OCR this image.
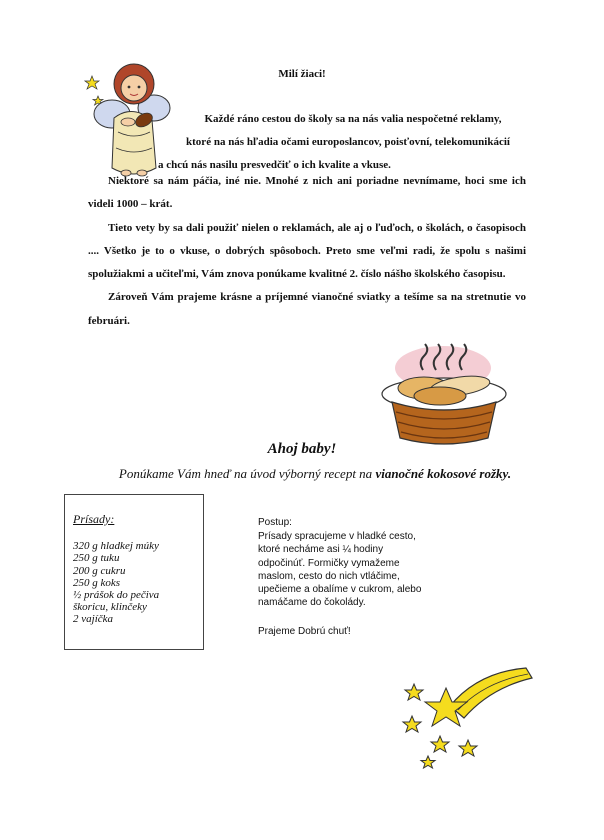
Milí žiaci!

Každé ráno cestou do školy sa na nás valia nespočetné reklamy,

ktoré na nás hľadia očami europoslancov, poisťovní, telekomunikácií

a chcú nás nasilu presvedčiť o ich kvalite a vkuse.

Niektoré sa nám páčia, iné nie. Mnohé z nich ani poriadne nevnímame, hoci sme ich videli 1000 – krát.

Tieto vety by sa dali použiť nielen o reklamách, ale aj o ľuďoch, o školách, o časopisoch .... Všetko je to o vkuse, o dobrých spôsoboch. Preto sme veľmi radi, že spolu s našimi spolužiakmi a učiteľmi, Vám znova ponúkame kvalitné 2. číslo nášho školského časopisu.

Zároveň Vám prajeme krásne a príjemné vianočné sviatky a tešíme sa na stretnutie vo februári.

Ahoj baby!
Ponúkame Vám hneď na úvod výborný recept na vianočné kokosové rožky.
Prísady:
320 g hladkej múky
250 g tuku
200 g cukru
250 g koks
½ prášok do pečiva
škoricu, klinčeky
2 vajíčka
Postup:
Prísady spracujeme v hladké cesto,
ktoré necháme asi ¼ hodiny
odpočinúť. Formičky vymažeme
maslom, cesto do nich vtláčime,
upečieme a obalíme v cukrom, alebo
namáčame do čokolády.
Prajeme Dobrú chuť!
